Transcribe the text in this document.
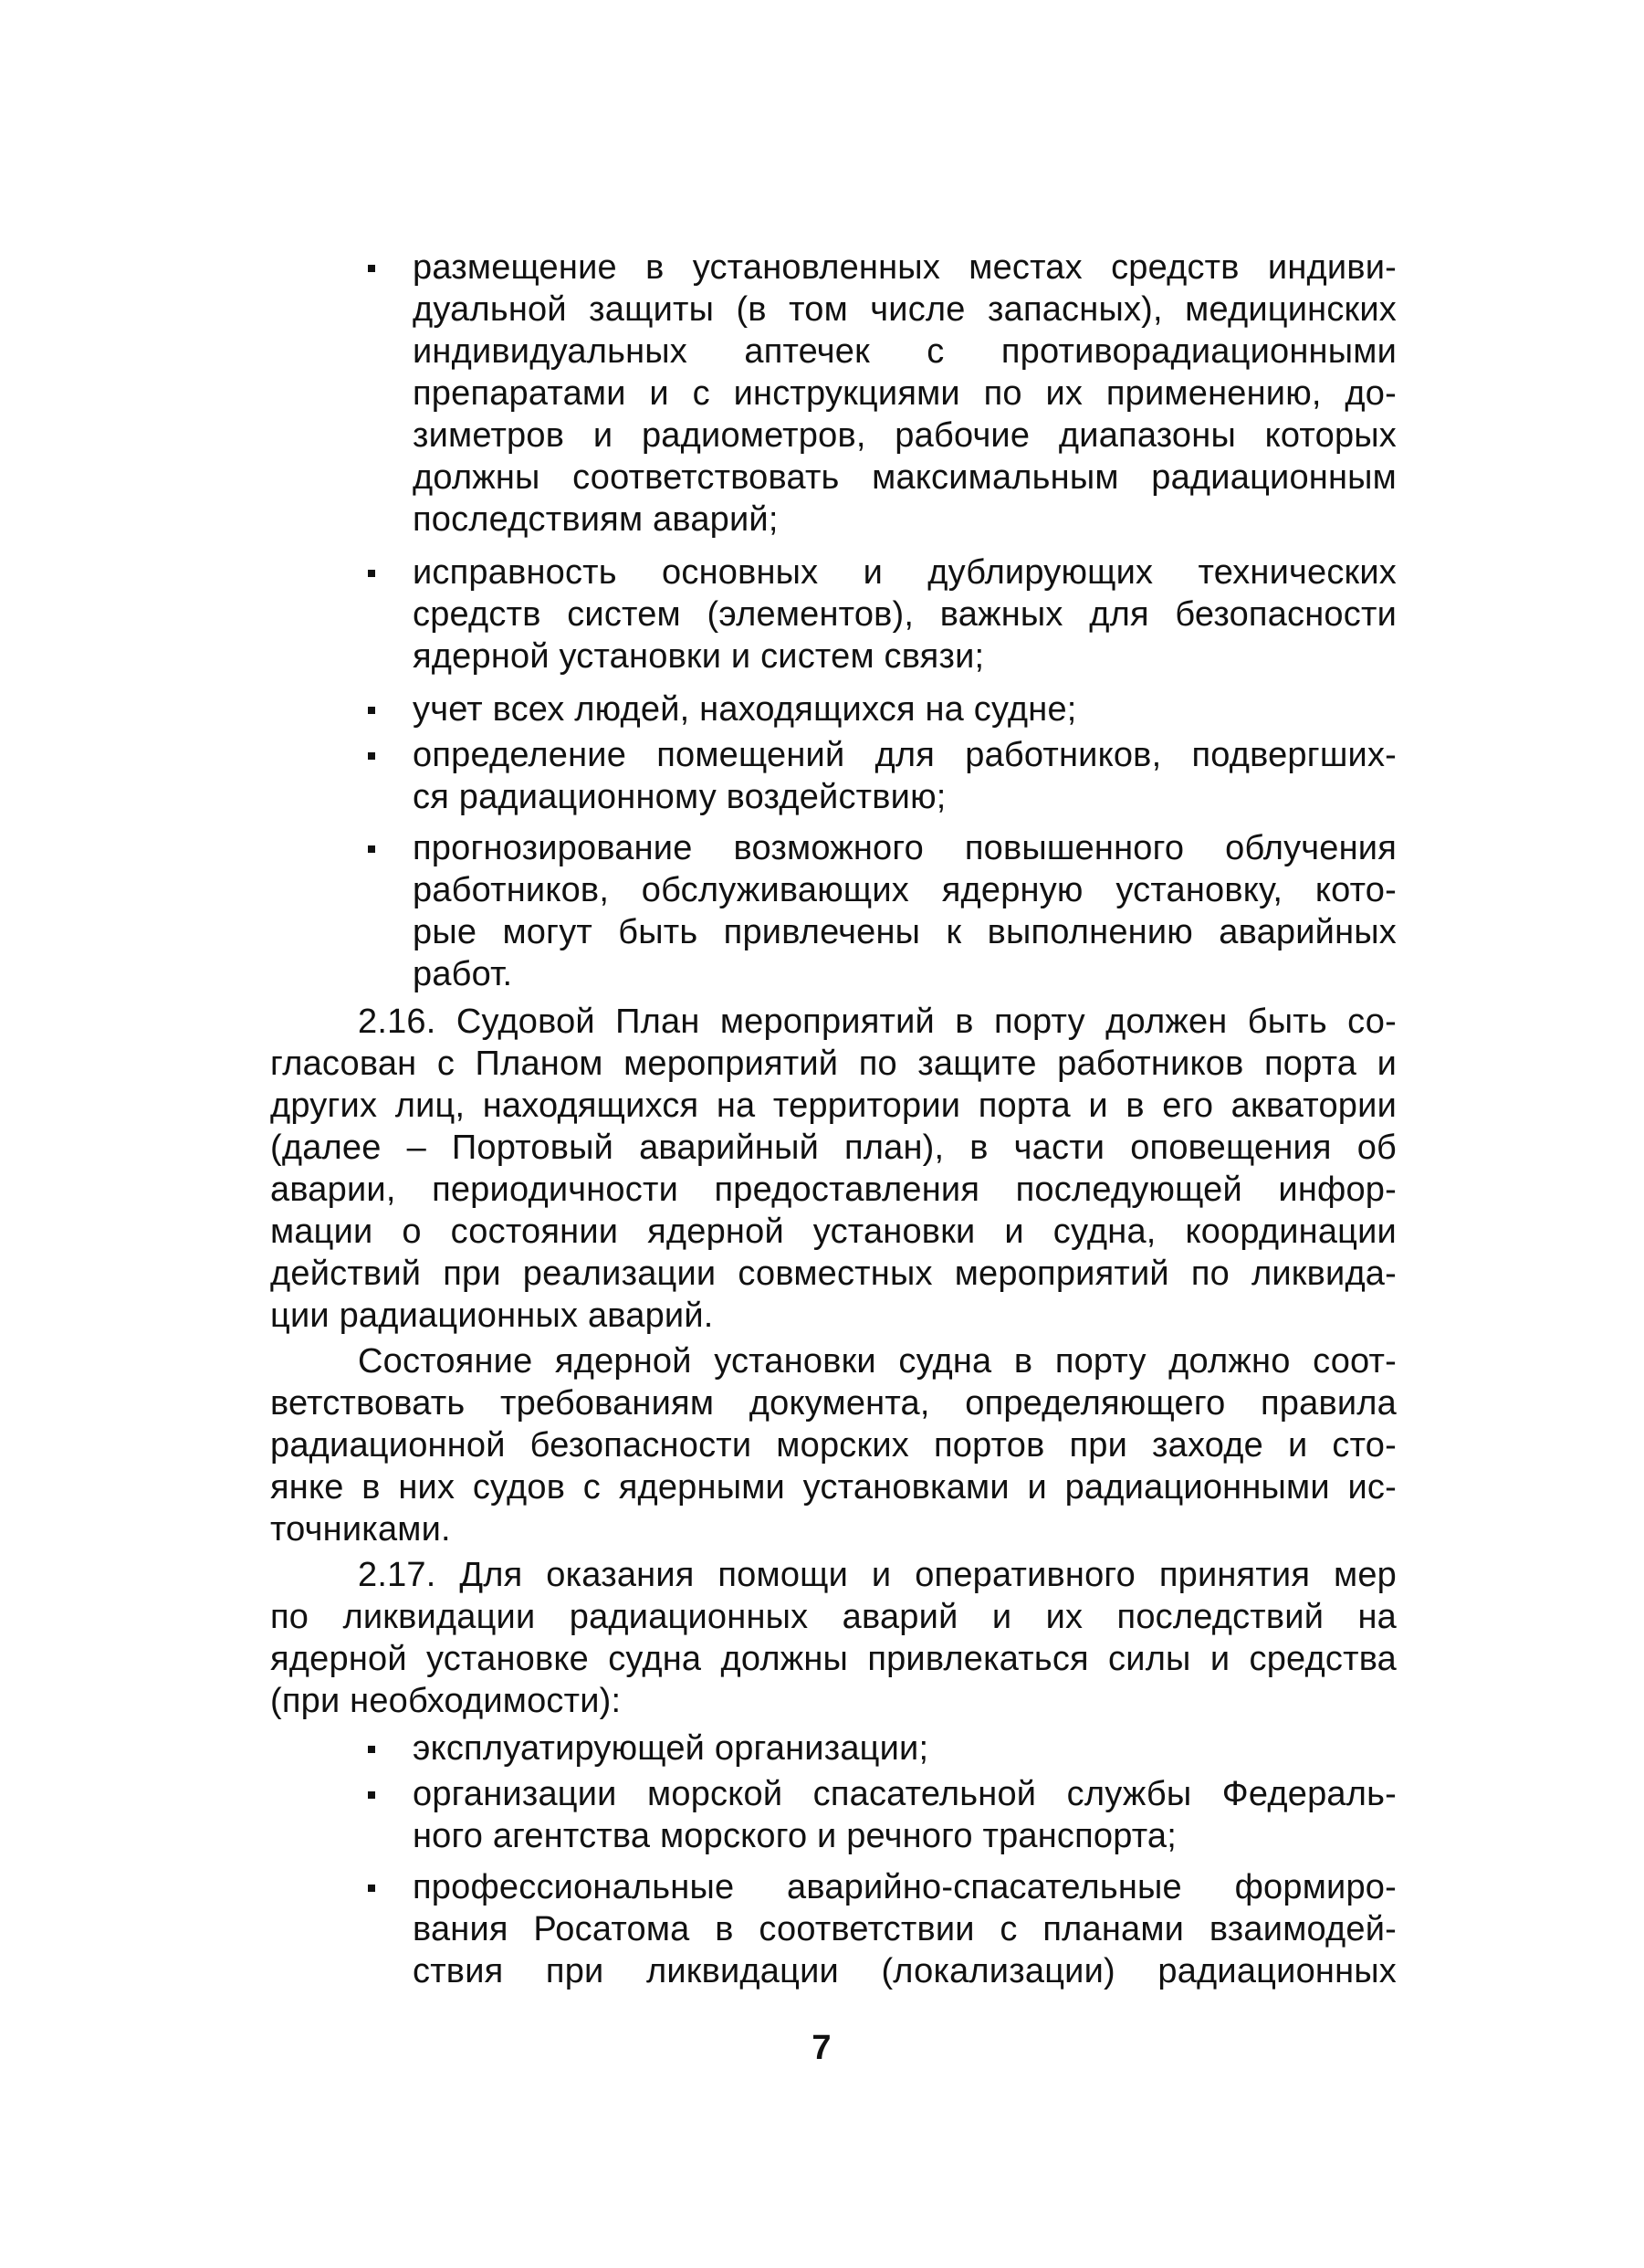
размещение в установленных местах средств индиви-
дуальной защиты (в том числе запасных), медицинских
индивидуальных аптечек с противорадиационными
препаратами и с инструкциями по их применению, до-
зиметров и радиометров, рабочие диапазоны которых
должны соответствовать максимальным радиационным
последствиям аварий;
исправность основных и дублирующих технических
средств систем (элементов), важных для безопасности
ядерной установки и систем связи;
учет всех людей, находящихся на судне;
определение помещений для работников, подвергших-
ся радиационному воздействию;
прогнозирование возможного повышенного облучения
работников, обслуживающих ядерную установку, кото-
рые могут быть привлечены к выполнению аварийных
работ.
2.16. Судовой План мероприятий в порту должен быть со-
гласован с Планом мероприятий по защите работников порта и
других лиц, находящихся на территории порта и в его акватории
(далее – Портовый аварийный план), в части оповещения об
аварии, периодичности предоставления последующей инфор-
мации о состоянии ядерной установки и судна, координации
действий при реализации совместных мероприятий по ликвида-
ции радиационных аварий.
Состояние ядерной установки судна в порту должно соот-
ветствовать требованиям документа, определяющего правила
радиационной безопасности морских портов при заходе и сто-
янке в них судов с ядерными установками и радиационными ис-
точниками.
2.17. Для оказания помощи и оперативного принятия мер
по ликвидации радиационных аварий и их последствий на
ядерной установке судна должны привлекаться силы и средства
(при необходимости):
эксплуатирующей организации;
организации морской спасательной службы Федераль-
ного агентства морского и речного транспорта;
профессиональные аварийно-спасательные формиро-
вания Росатома в соответствии с планами взаимодей-
ствия при ликвидации (локализации) радиационных
7
